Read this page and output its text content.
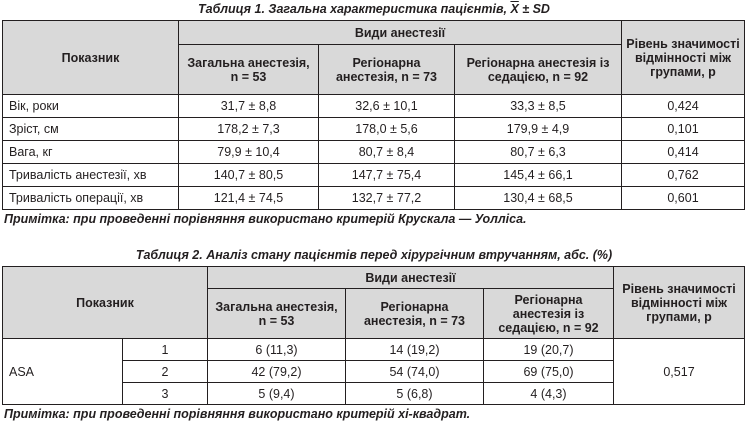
Таблиця 1. Загальна характеристика пацієнтів, $\overline{X}$ ± SD
Показник	Види анестезії			Рівень значимості відмінності між групами, p
	Загальна анестезія, n = 53	Регіонарна анестезія, n = 73	Регіонарна анестезія із седацією, n = 92	
Вік, роки	31,7 ± 8,8	32,6 ± 10,1	33,3 ± 8,5	0,424
Зріст, см	178,2 ± 7,3	178,0 ± 5,6	179,9 ± 4,9	0,101
Вага, кг	79,9 ± 10,4	80,7 ± 8,4	80,7 ± 6,3	0,414
Тривалість анестезії, хв	140,7 ± 80,5	147,7 ± 75,4	145,4 ± 66,1	0,762
Тривалість операції, хв	121,4 ± 74,5	132,7 ± 77,2	130,4 ± 68,5	0,601
Примітка: при проведенні порівняння використано критерій Крускала — Уолліса.
Таблиця 2. Аналіз стану пацієнтів перед хірургічним втручанням, абс. (%)
Показник		Види анестезії			Рівень значимості відмінності між групами, p
		Загальна анестезія, n = 53	Регіонарна анестезія, n = 73	Регіонарна анестезія із седацією, n = 92	
ASA	1	6 (11,3)	14 (19,2)	19 (20,7)	0,517
	2	42 (79,2)	54 (74,0)	69 (75,0)	
	3	5 (9,4)	5 (6,8)	4 (4,3)	
Примітка: при проведенні порівняння використано критерій хі-квадрат.
